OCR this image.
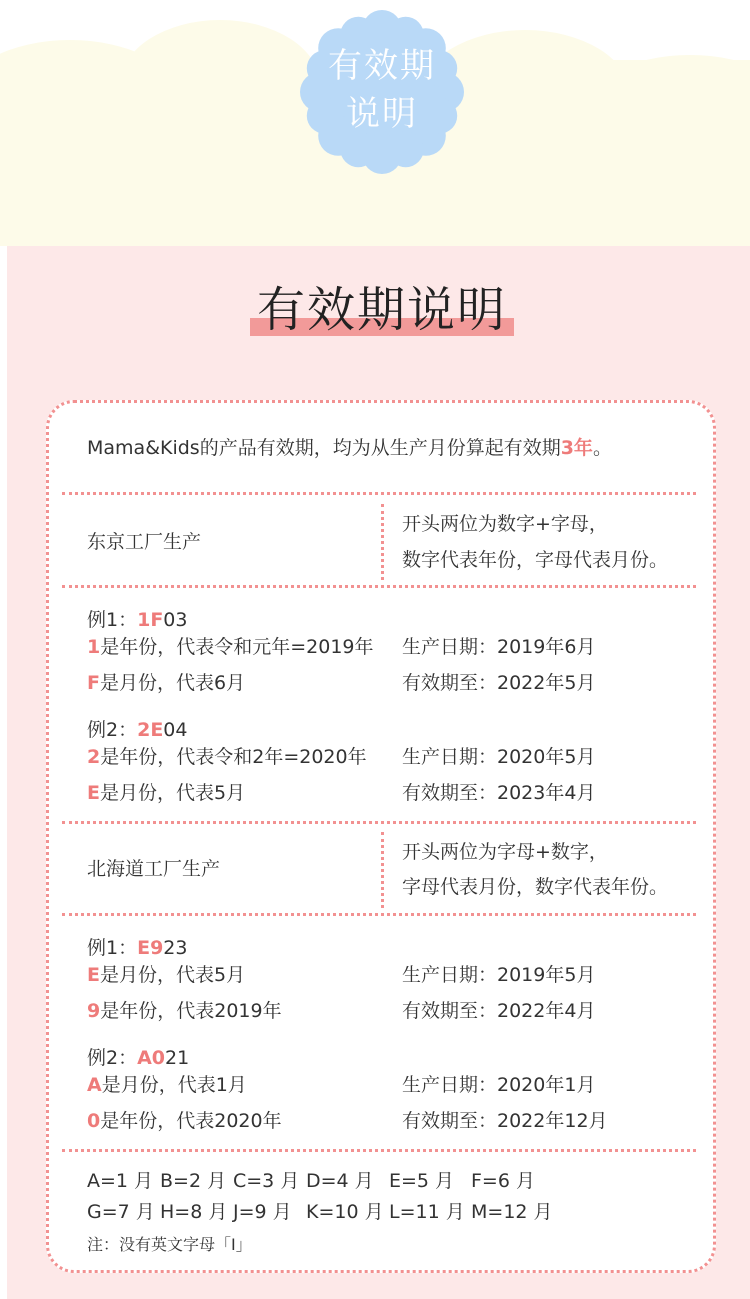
有效期
说明
有效期说明
Mama&Kids的产品有效期，均为从生产月份算起有效期3年。
东京工厂生产
开头两位为数字+字母，
数字代表年份，字母代表月份。
例1：1F03
1是年份，代表令和元年=2019年 生产日期：2019年6月
F是月份，代表6月	有效期至：2022年5月
例2：2E04
2是年份，代表令和2年=2020年 生产日期：2020年5月
E是月份，代表5月	有效期至：2023年4月
北海道工厂生产
开头两位为字母+数字，
字母代表月份，数字代表年份。
例1：E923
E是月份，代表5月	生产日期：2019年5月
9是年份，代表2019年	有效期至：2022年4月
例2：A021
A是月份，代表1月	生产日期：2020年1月
0是年份，代表2020年	有效期至：2022年12月
A=1 月 B=2 月 C=3 月 D=4 月 E=5 月 F=6 月
G=7 月 H=8 月 J=9 月 K=10 月 L=11 月 M=12 月
注：没有英文字母「I」
